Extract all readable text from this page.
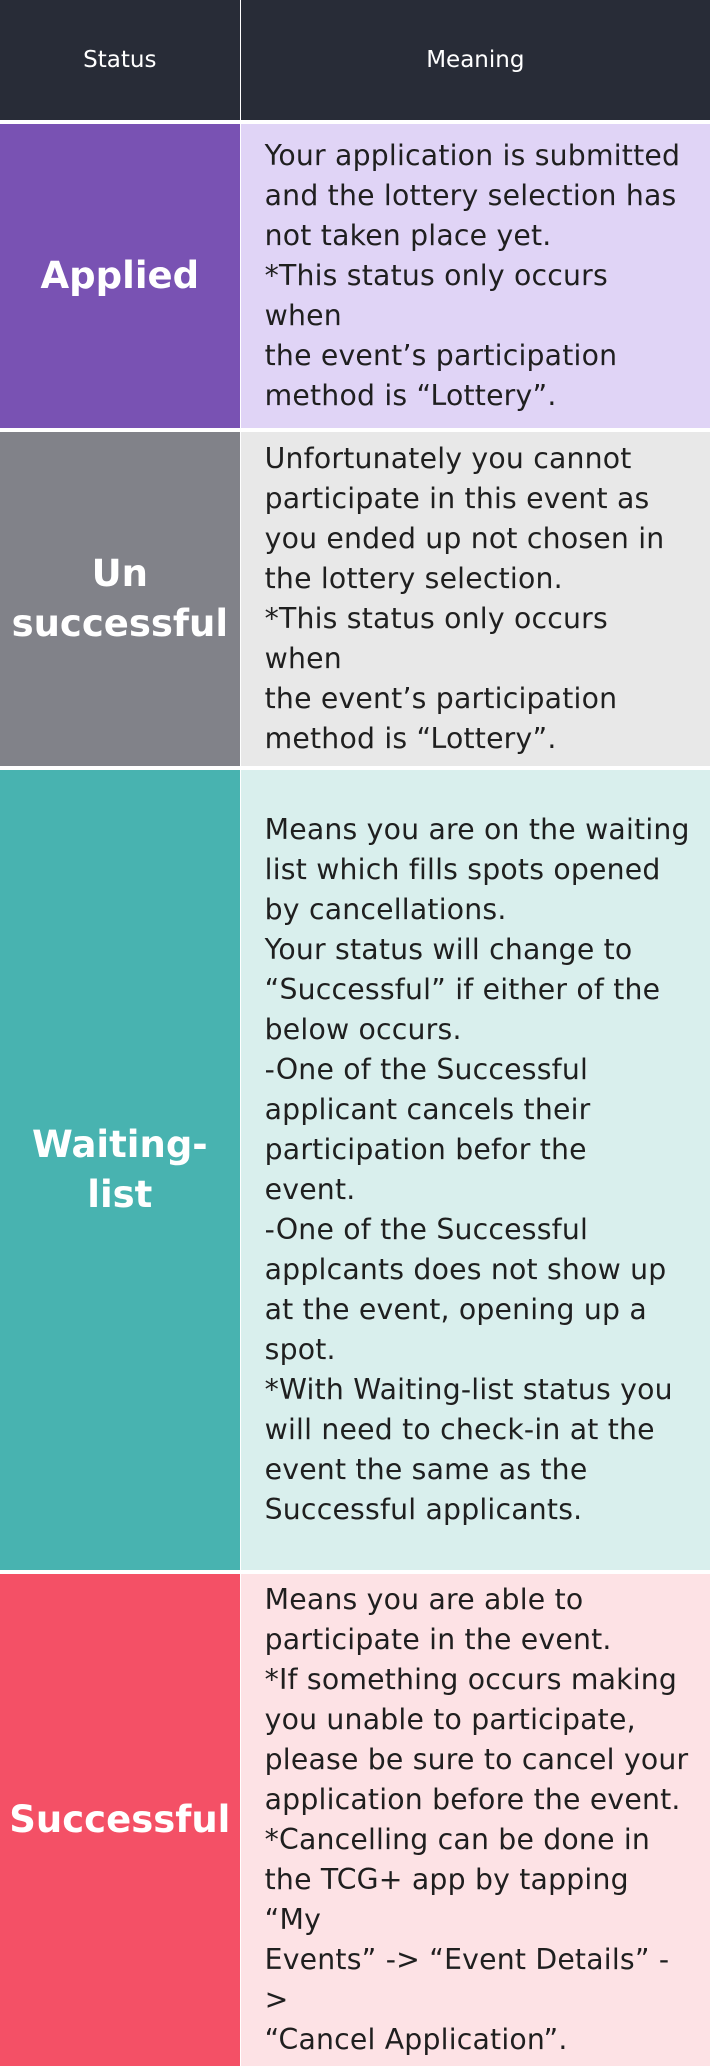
Status	Meaning
Applied
Your application is submitted
and the lottery selection has
not taken place yet.
*This status only occurs when
the event’s participation
method is “Lottery”.
Un
successful
Unfortunately you cannot
participate in this event as
you ended up not chosen in
the lottery selection.
*This status only occurs when
the event’s participation
method is “Lottery”.
Waiting-
list
Means you are on the waiting
list which fills spots opened
by cancellations.
Your status will change to
“Successful” if either of the
below occurs.
-One of the Successful
applicant cancels their
participation befor the
event.
-One of the Successful
applcants does not show up
at the event, opening up a
spot.
*With Waiting-list status you
will need to check-in at the
event the same as the
Successful applicants.
Successful
Means you are able to
participate in the event.
*If something occurs making
you unable to participate,
please be sure to cancel your
application before the event.
*Cancelling can be done in
the TCG+ app by tapping “My
Events” -> “Event Details” ->
“Cancel Application”.
